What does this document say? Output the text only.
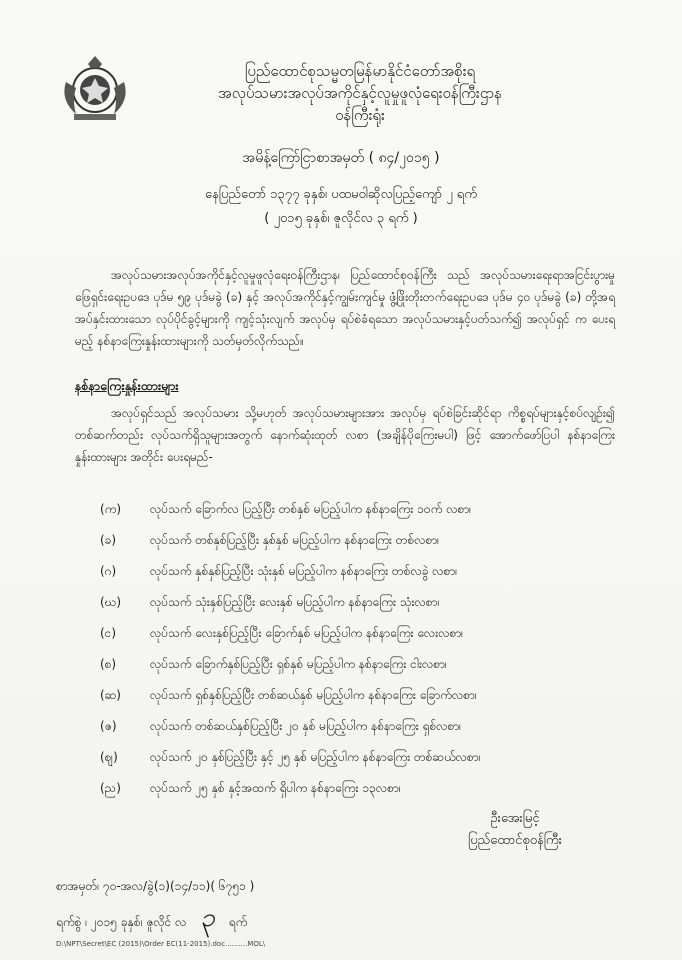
ပြည်ထောင်စုသမ္မတမြန်မာနိုင်ငံတော်အစိုးရ
အလုပ်သမားအလုပ်အကိုင်နှင့်လူမှုဖူလုံရေးဝန်ကြီးဌာန
ဝန်ကြီးရုံး
အမိန့်ကြော်ငြာစာအမှတ် ( ၈၄/၂၀၁၅ )
နေပြည်တော် ၁၃၇၇ ခုနှစ်၊ ပထမဝါဆိုလပြည့်ကျော် ၂ ရက်
( ၂၀၁၅ ခုနှစ်၊ ဇူလိုင်လ ၃ ရက် )
အလုပ်သမားအလုပ်အကိုင်နှင့်လူမှုဖူလုံရေးဝန်ကြီးဌာန၊ ပြည်ထောင်စုဝန်ကြီး သည် အလုပ်သမားရေးရာအငြင်းပွားမှု ဖြေရှင်းရေးဥပဒေ ပုဒ်မ ၅၉ ပုဒ်မခွဲ (ခ) နှင့် အလုပ်အကိုင်နှင့်ကျွမ်းကျင်မှု ဖွံ့ဖြိုးတိုးတက်ရေးဥပဒေ ပုဒ်မ ၄၀ ပုဒ်မခွဲ (ခ) တို့အရ အပ်နှင်းထားသော လုပ်ပိုင်ခွင့်များကို ကျင့်သုံးလျက် အလုပ်မှ ရပ်စဲခံရသော အလုပ်သမားနှင့်ပတ်သက်၍ အလုပ်ရှင် က ပေးရမည့် နစ်နာကြေးနှုန်းထားများကို သတ်မှတ်လိုက်သည်။
နစ်နာကြေးနှုန်းထားများ
အလုပ်ရှင်သည် အလုပ်သမား သို့မဟုတ် အလုပ်သမားများအား အလုပ်မှ ရပ်စဲခြင်းဆိုင်ရာ ကိစ္စရပ်များနှင့်စပ်လျဉ်း၍ တစ်ဆက်တည်း လုပ်သက်ရှိသူများအတွက် နောက်ဆုံးထုတ် လစာ (အချိန်ပိုကြေးမပါ) ဖြင့် အောက်ဖော်ပြပါ နစ်နာကြေးနှုန်းထားများ အတိုင်း ပေးရမည်-
(က)	လုပ်သက် ခြောက်လ ပြည့်ပြီး တစ်နှစ် မပြည့်ပါက နစ်နာကြေး ၁ဝက် လစာ၊
(ခ)	လုပ်သက် တစ်နှစ်ပြည့်ပြီး နှစ်နှစ် မပြည့်ပါက နစ်နာကြေး တစ်လစာ၊
(ဂ)	လုပ်သက် နှစ်နှစ်ပြည့်ပြီး သုံးနှစ် မပြည့်ပါက နစ်နာကြေး တစ်လခွဲ လစာ၊
(ဃ)	လုပ်သက် သုံးနှစ်ပြည့်ပြီး လေးနှစ် မပြည့်ပါက နစ်နာကြေး သုံးလစာ၊
(င)	လုပ်သက် လေးနှစ်ပြည့်ပြီး ခြောက်နှစ် မပြည့်ပါက နစ်နာကြေး လေးလစာ၊
(စ)	လုပ်သက် ခြောက်နှစ်ပြည့်ပြီး ရှစ်နှစ် မပြည့်ပါက နစ်နာကြေး ငါးလစာ၊
(ဆ)	လုပ်သက် ရှစ်နှစ်ပြည့်ပြီး တစ်ဆယ်နှစ် မပြည့်ပါက နစ်နာကြေး ခြောက်လစာ၊
(ဇ)	လုပ်သက် တစ်ဆယ်နှစ်ပြည့်ပြီး ၂၀ နှစ် မပြည့်ပါက နစ်နာကြေး ရှစ်လစာ၊
(ဈ)	လုပ်သက် ၂၀ နှစ်ပြည့်ပြီး နှင့် ၂၅ နှစ် မပြည့်ပါက နစ်နာကြေး တစ်ဆယ်လစာ၊
(ည)	လုပ်သက် ၂၅ နှစ် နှင့်အထက် ရှိပါက နစ်နာကြေး ၁၃လစာ၊
ဦးအေးမြင့်
ပြည်ထောင်စုဝန်ကြီး
စာအမှတ်၊ ၇၀-အလ/ခွဲ(၁)(၁၄/၁၁)( ၆၇၅၁ )
ရက်စွဲ ၊ ၂၀၁၅ ခုနှစ်၊ ဇူလိုင် လ ၃ ရက်
D:\NPT\Secret\EC (2015)\Order EC(11-2015).doc..........MOL\
